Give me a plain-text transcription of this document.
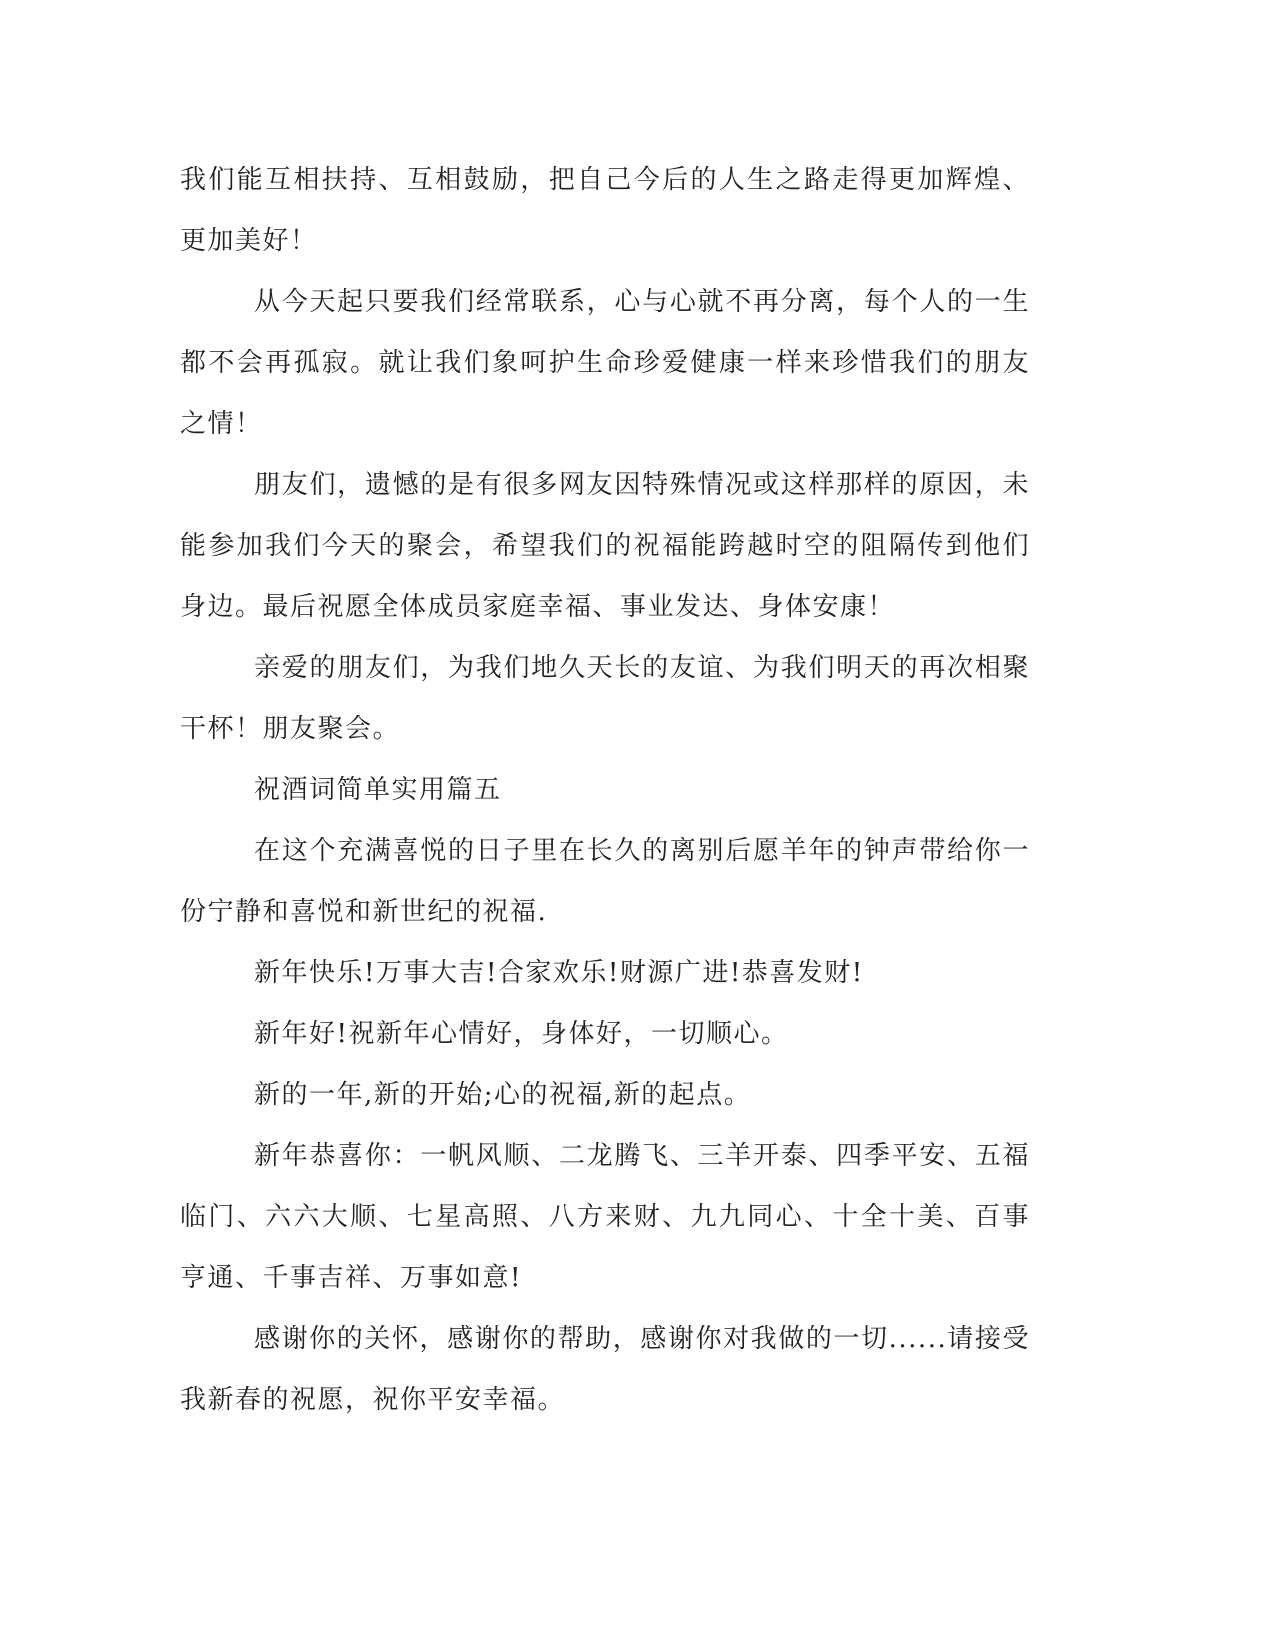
我们能互相扶持、互相鼓励，把自己今后的人生之路走得更加辉煌、更加美好！

从今天起只要我们经常联系，心与心就不再分离，每个人的一生都不会再孤寂。就让我们象呵护生命珍爱健康一样来珍惜我们的朋友之情！

朋友们，遗憾的是有很多网友因特殊情况或这样那样的原因，未能参加我们今天的聚会，希望我们的祝福能跨越时空的阻隔传到他们身边。最后祝愿全体成员家庭幸福、事业发达、身体安康！

亲爱的朋友们，为我们地久天长的友谊、为我们明天的再次相聚干杯！朋友聚会。

祝酒词简单实用篇五

在这个充满喜悦的日子里在长久的离别后愿羊年的钟声带给你一份宁静和喜悦和新世纪的祝福.

新年快乐!万事大吉!合家欢乐!财源广进!恭喜发财!

新年好!祝新年心情好，身体好，一切顺心。

新的一年,新的开始;心的祝福,新的起点。

新年恭喜你：一帆风顺、二龙腾飞、三羊开泰、四季平安、五福临门、六六大顺、七星高照、八方来财、九九同心、十全十美、百事亨通、千事吉祥、万事如意!

感谢你的关怀，感谢你的帮助，感谢你对我做的一切......请接受我新春的祝愿，祝你平安幸福。
